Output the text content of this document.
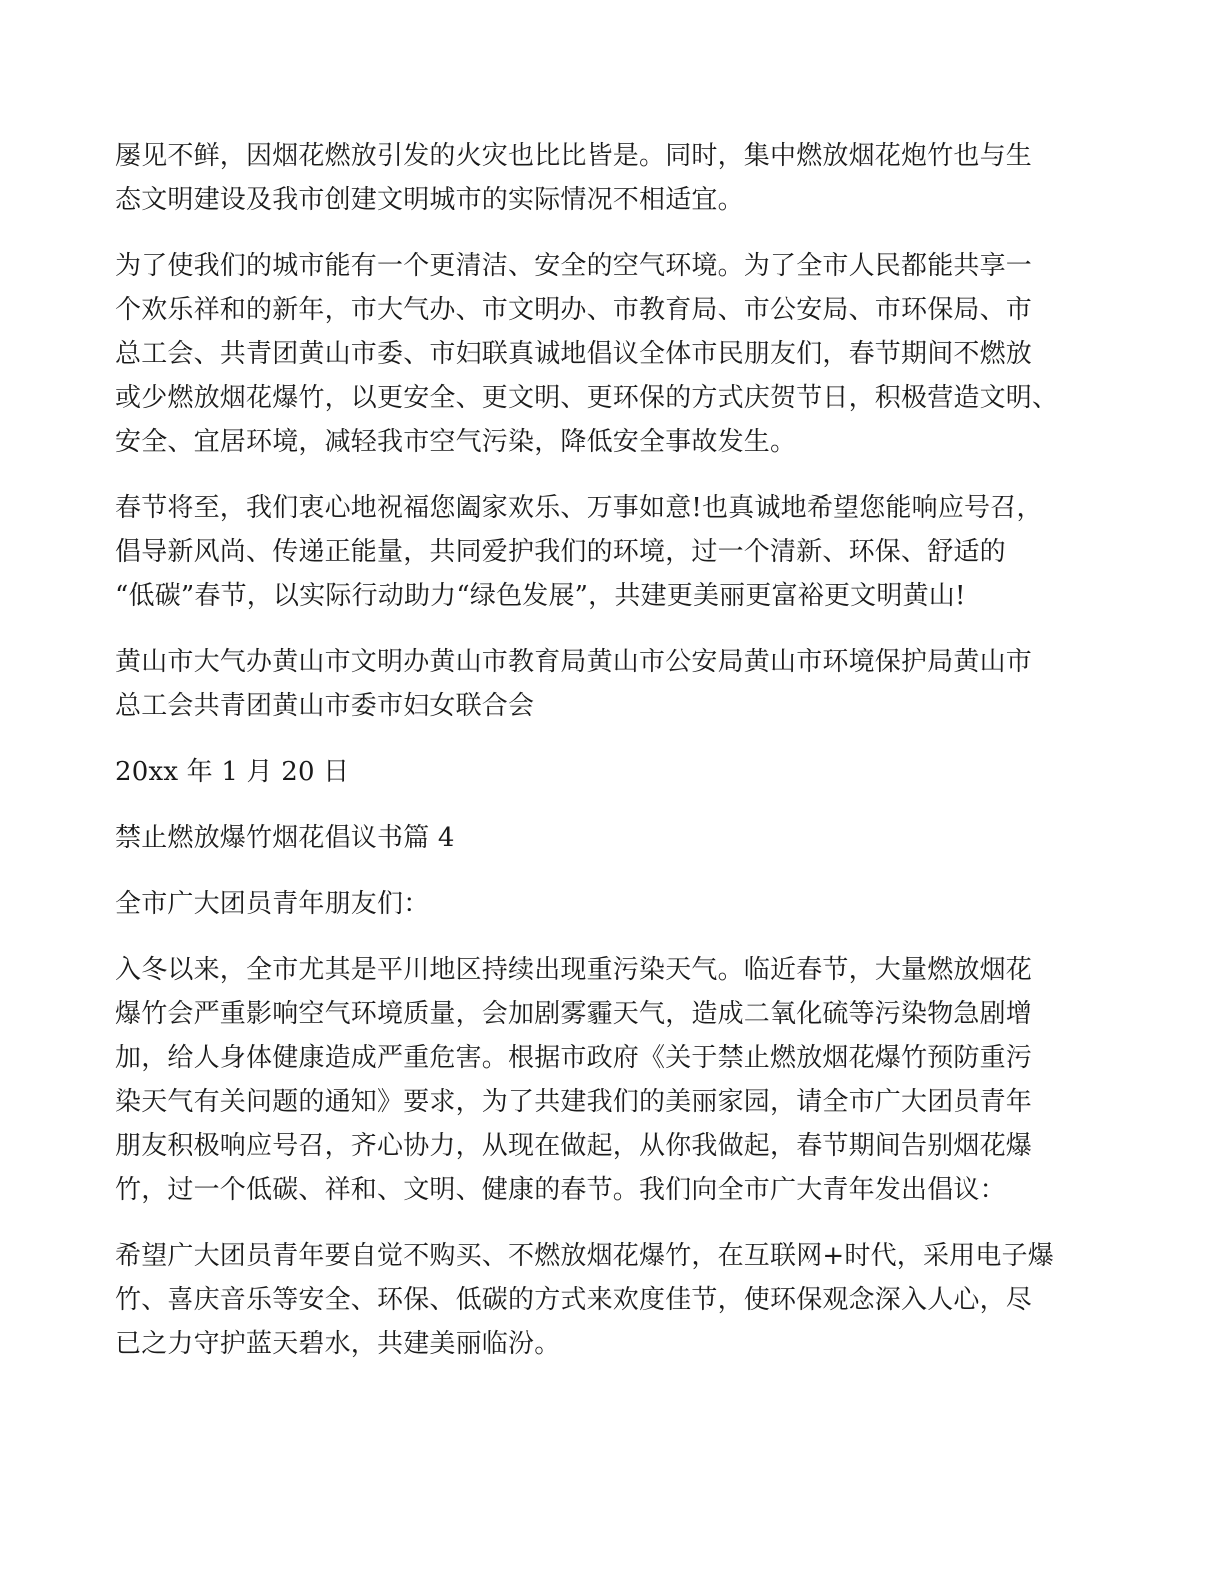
屡见不鲜，因烟花燃放引发的火灾也比比皆是。同时，集中燃放烟花炮竹也与生
态文明建设及我市创建文明城市的实际情况不相适宜。

为了使我们的城市能有一个更清洁、安全的空气环境。为了全市人民都能共享一
个欢乐祥和的新年，市大气办、市文明办、市教育局、市公安局、市环保局、市
总工会、共青团黄山市委、市妇联真诚地倡议全体市民朋友们，春节期间不燃放
或少燃放烟花爆竹，以更安全、更文明、更环保的方式庆贺节日，积极营造文明、
安全、宜居环境，减轻我市空气污染，降低安全事故发生。

春节将至，我们衷心地祝福您阖家欢乐、万事如意!也真诚地希望您能响应号召，
倡导新风尚、传递正能量，共同爱护我们的环境，过一个清新、环保、舒适的
“低碳”春节，以实际行动助力“绿色发展”，共建更美丽更富裕更文明黄山!

黄山市大气办黄山市文明办黄山市教育局黄山市公安局黄山市环境保护局黄山市
总工会共青团黄山市委市妇女联合会

20xx 年 1 月 20 日

禁止燃放爆竹烟花倡议书篇 4

全市广大团员青年朋友们：

入冬以来，全市尤其是平川地区持续出现重污染天气。临近春节，大量燃放烟花
爆竹会严重影响空气环境质量，会加剧雾霾天气，造成二氧化硫等污染物急剧增
加，给人身体健康造成严重危害。根据市政府《关于禁止燃放烟花爆竹预防重污
染天气有关问题的通知》要求，为了共建我们的美丽家园，请全市广大团员青年
朋友积极响应号召，齐心协力，从现在做起，从你我做起，春节期间告别烟花爆
竹，过一个低碳、祥和、文明、健康的春节。我们向全市广大青年发出倡议：

希望广大团员青年要自觉不购买、不燃放烟花爆竹，在互联网+时代，采用电子爆
竹、喜庆音乐等安全、环保、低碳的方式来欢度佳节，使环保观念深入人心，尽
已之力守护蓝天碧水，共建美丽临汾。
